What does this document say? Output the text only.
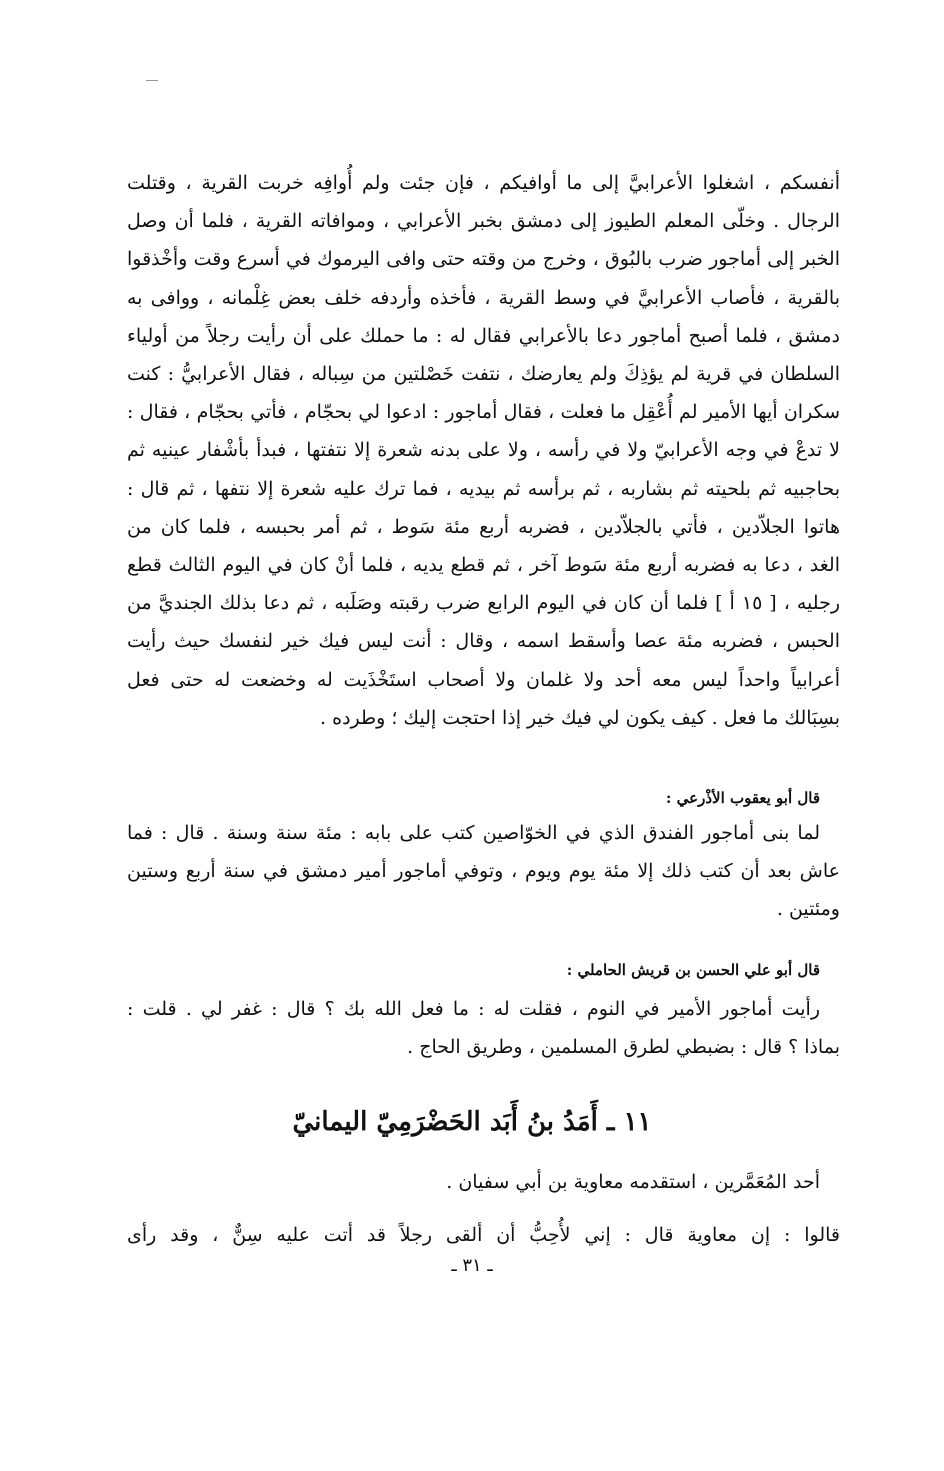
أنفسكم ، اشغلوا الأعرابيَّ إلى ما أوافيكم ، فإن جئت ولم أُوافِه خربت القرية ، وقتلت
الرجال . وخلّى المعلم الطيوز إلى دمشق بخبر الأعرابي ، وموافاته القرية ، فلما أن وصل
الخبر إلى أماجور ضرب بالبُوق ، وخرج من وقته حتى وافى اليرموك في أسرع وقت وأخْذقوا
بالقرية ، فأصاب الأعرابيَّ في وسط القرية ، فأخذه وأردفه خلف بعض غِلْمانه ، ووافى به
دمشق ، فلما أصبح أماجور دعا بالأعرابي فقال له : ما حملك على أن رأيت رجلاً من أولياء
السلطان في قرية لم يؤذِكَ ولم يعارضك ، نتفت خَصْلتين من سِباله ، فقال الأعرابيُّ : كنت
سكران أيها الأمير لم أُعْقِل ما فعلت ، فقال أماجور : ادعوا لي بحجّام ، فأتي بحجّام ، فقال :
لا تدعْ في وجه الأعرابيّ ولا في رأسه ، ولا على بدنه شعرة إلا نتفتها ، فبدأ بأشْفار عينيه ثم
بحاجبيه ثم بلحيته ثم بشاربه ، ثم برأسه ثم بيديه ، فما ترك عليه شعرة إلا نتفها ، ثم قال :
هاتوا الجلاّدين ، فأتي بالجلاّدين ، فضربه أربع مئة سَوط ، ثم أمر بحبسه ، فلما كان من
الغد ، دعا به فضربه أربع مئة سَوط آخر ، ثم قطع يديه ، فلما أنْ كان في اليوم الثالث قطع
رجليه ، [ ١٥ أ ] فلما أن كان في اليوم الرابع ضرب رقبته وصَلَبه ، ثم دعا بذلك الجنديَّ من
الحبس ، فضربه مئة عصا وأسقط اسمه ، وقال : أنت ليس فيك خير لنفسك حيث رأيت
أعرابياً واحداً ليس معه أحد ولا غلمان ولا أصحاب استَخْذَيت له وخضعت له حتى فعل
بسِبَالك ما فعل . كيف يكون لي فيك خير إذا احتجت إليك ؛ وطرده .
قال أبو يعقوب الأذْرعي :
لما بنى أماجور الفندق الذي في الخوّاصين كتب على بابه : مئة سنة وسنة . قال : فما
عاش بعد أن كتب ذلك إلا مئة يوم ويوم ، وتوفي أماجور أمير دمشق في سنة أربع وستين
ومئتين .
قال أبو علي الحسن بن قريش الحاملي :
رأيت أماجور الأمير في النوم ، فقلت له : ما فعل الله بك ؟ قال : غفر لي . قلت :
بماذا ؟ قال : بضبطي لطرق المسلمين ، وطريق الحاج .
١١ ـ أَمَدُ بنُ أَبَد الحَضْرَمِيّ اليمانيّ
أحد المُعَمَّرين ، استقدمه معاوية بن أبي سفيان .
قالوا : إن معاوية قال : إني لأُحِبُّ أن ألقى رجلاً قد أتت عليه سِنٌّ ، وقد رأى
ـ ٣١ ـ
